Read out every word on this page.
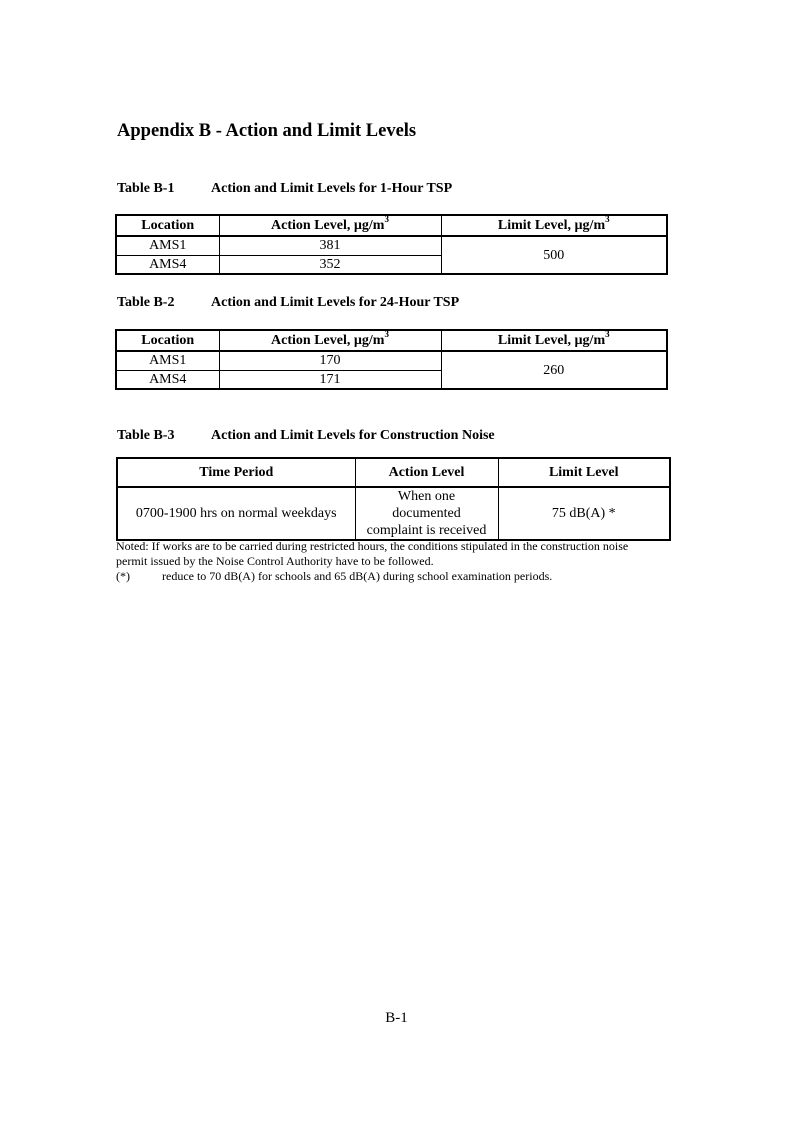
Appendix B - Action and Limit Levels
Table B-1	Action and Limit Levels for 1-Hour TSP
Location	Action Level, $\mu g/m^3$	Limit Level, $\mu g/m^3$
AMS1	381	500
AMS4	352	
Table B-2	Action and Limit Levels for 24-Hour TSP
Location	Action Level, $\mu g/m^3$	Limit Level, $\mu g/m^3$
AMS1	170	260
AMS4	171	
Table B-3	Action and Limit Levels for Construction Noise
Time Period	Action Level	Limit Level
0700-1900 hrs on normal weekdays	When one
documented
complaint is received	75 dB(A) *
Noted: If works are to be carried during restricted hours, the conditions stipulated in the construction noise
permit issued by the Noise Control Authority have to be followed.
(*)	reduce to 70 dB(A) for schools and 65 dB(A) during school examination periods.
B-1
